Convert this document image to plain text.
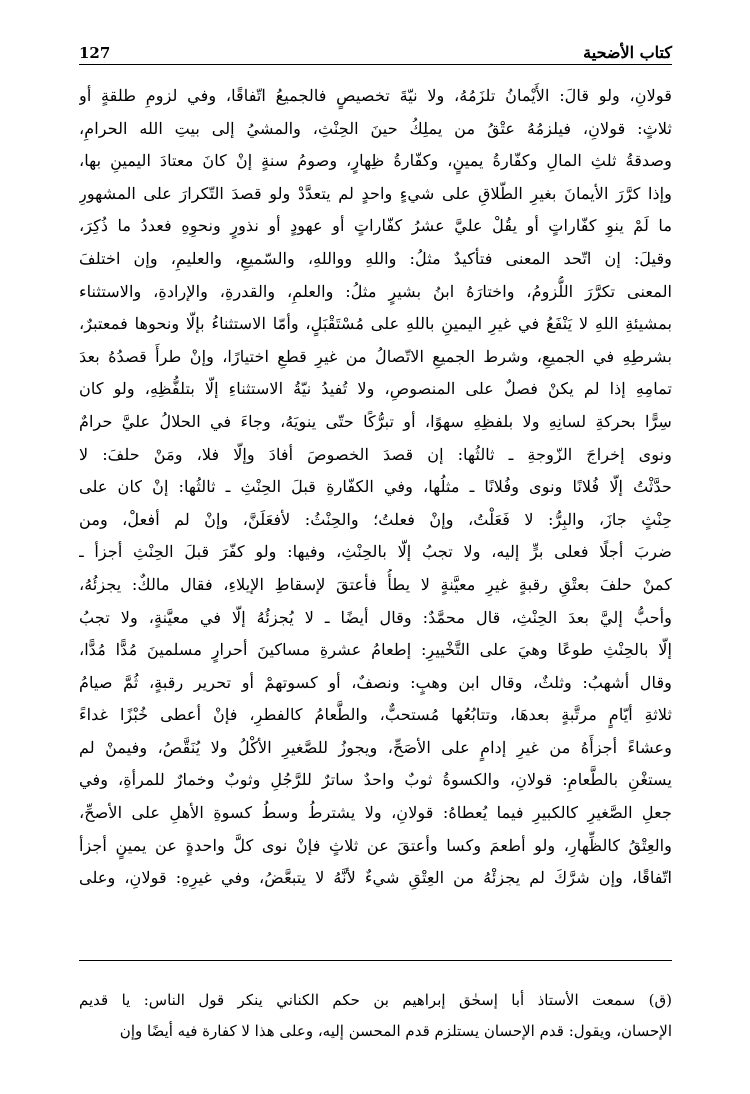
127	كتاب الأضحية
قولانِ، ولو قالَ: الأَيْمانُ تلزَمُهُ، ولا نيّةَ تخصيصٍ فالجميعُ اتّفاقًا، وفي لزومِ طلقةٍ أو
ثلاثٍ: قولانِ، فيلزمُهُ عتْقُ من يملِكُ حينَ الحِنْثِ، والمشيُ إلى بيتِ الله الحرامِ،
وصدقةُ ثلثِ المالِ وكفّارةُ يمينٍ، وكفّارةُ ظِهارٍ، وصومُ سنةٍ إنْ كانَ معتادَ اليمينِ بها،
وإذا كرَّرَ الأيمانَ بغيرِ الطّلاقِ على شيءٍ واحدٍ لم يتعدَّدْ ولو قصدَ التّكرارَ على المشهورِ
ما لَمْ ينوِ كفّاراتٍ أو يقُلْ عليَّ عشرُ كفّاراتٍ أو عهودٍ أو نذورٍ ونحوِهِ فعددُ ما ذُكِرَ،
وقيلَ: إن اتّحد المعنى فتأكيدٌ مثلُ: واللهِ وواللهِ، والسّميعِ، والعليمِ، وإن اختلفَ
المعنى تكرَّرَ اللُّزومُ، واختارَهُ ابنُ بشيرٍ مثلُ: والعلمِ، والقدرةِ، والإرادةِ، والاستثناء
بمشيئةِ اللهِ لا يَنْفَعُ في غيرِ اليمينِ باللهِ على مُسْتَقْبَلٍ، وأمّا الاستثناءُ بإلّا ونحوها فمعتبرٌ،
بشرطِهِ في الجميعِ، وشرط الجميعِ الاتّصالُ من غيرِ قطعِ اختيارًا، وإنْ طرأَ قصدُهُ بعدَ
تمامِهِ إذا لم يكنْ فصلٌ على المنصوصِ، ولا تُفيدُ نيّةُ الاستثناءِ إلّا بتلفُّظِهِ، ولو كان
سِرًّا بحركةِ لسانِهِ ولا بلفظِهِ سهوًا، أو تبرُّكًا حتّى ينويَهُ، وجاءَ في الحلالُ عليَّ حرامٌ
ونوى إخراجَ الزّوجةِ ـ ثالثُها: إن قصدَ الخصوصَ أفادَ وإلّا فلا، ومَنْ حلفَ: لا
حدَّثْتُ إلّا فُلانًا ونوى وفُلانًا ـ مثلُها، وفي الكفّارةِ قبلَ الحِنْثِ ـ ثالثُها: إنْ كان على
حِنْثٍ جازَ، والبِرُّ: لا فَعَلْتُ، وإنْ فعلتُ؛ والحِنْثُ: لأفعَلَنَّ، وإنْ لم أفعلْ، ومن
ضربَ أجلًا فعلى برٍّ إليه، ولا تجبُ إلّا بالحِنْثِ، وفيها: ولو كفّرَ قبلَ الحِنْثِ أجزأ ـ
كمنْ حلفَ بعتْقِ رقبةٍ غيرِ معيَّنةٍ لا يطأُ فأعتقَ لإسقاطِ الإيلاءِ، فقال مالكٌ: يجزئُهُ،
وأحبُّ إليَّ بعدَ الحِنْثِ، قال محمَّدٌ: وقال أيضًا ـ لا يُجزئُهُ إلّا في معيَّنةٍ، ولا تجبُ
إلّا بالحِنْثِ طوعًا وهيَ على التَّخْييرِ: إطعامُ عشرةِ مساكينَ أحرارٍ مسلمينَ مُدًّا مُدًّا،
وقال أشهبُ: وثلثٌ، وقال ابن وهبٍ: ونصفٌ، أو كسوتهمْ أو تحرير رقبةٍ، ثُمَّ صيامُ
ثلاثةِ أيّامٍ مرتَّبةٍ بعدهَا، وتتابُعُها مُستحبٌّ، والطَّعامُ كالفطرِ، فإنْ أعطى خُبْزًا غداءً
وعشاءً أجزأَهُ من غيرِ إدامٍ على الأصَحِّ، ويجوزُ للصَّغيرِ الأكْلُ ولا يُنَقَّصُ، وفيمنْ لم
يستغْنِ بالطَّعامِ: قولانِ، والكسوةُ ثوبٌ واحدٌ ساترٌ للرَّجُلِ وثوبٌ وخمارٌ للمرأةِ، وفي
جعلِ الصَّغيرِ كالكبيرِ فيما يُعطاهُ: قولانِ، ولا يشترطُ وسطُ كسوةِ الأهلِ على الأصحِّ،
والعِتْقُ كالظِّهارِ، ولو أطعمَ وكسا وأعتقَ عن ثلاثٍ فإنْ نوى كلَّ واحدةٍ عن يمينٍ أجزأ
اتّفاقًا، وإن شرَّكَ لم يجزئْهُ من العِتْقِ شيءٌ لأنَّهُ لا يتبعَّضُ، وفي غيرِهِ: قولانِ، وعلى
(ق) سمعت الأستاذ أبا إسحٰق إبراهيم بن حكم الكناني ينكر قول الناس: يا قديم
الإحسان، ويقول: قدم الإحسان يستلزم قدم المحسن إليه، وعلى هذا لا كفارة فيه أيضًا وإن
